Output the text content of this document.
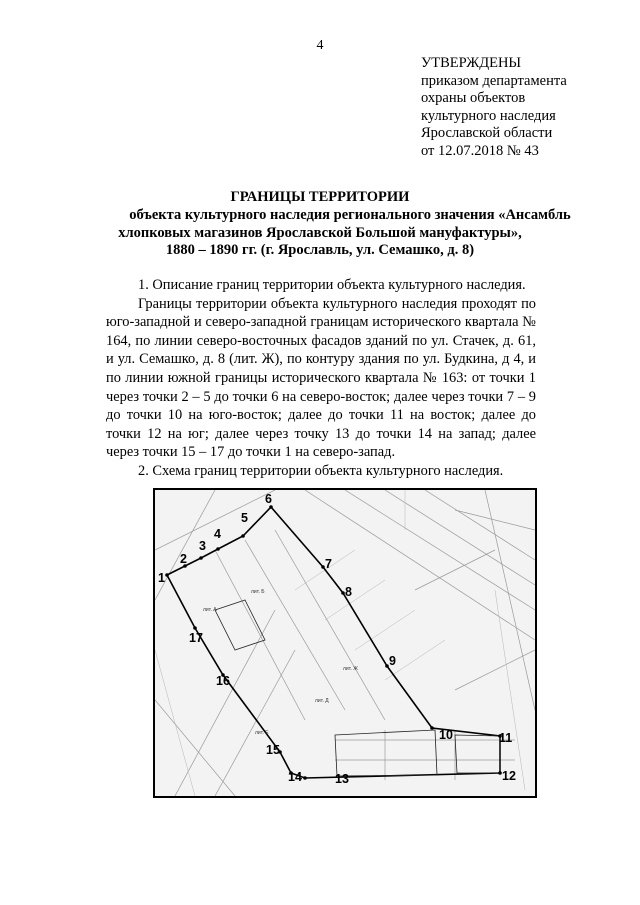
4
УТВЕРЖДЕНЫ
приказом департамента
охраны объектов
культурного наследия
Ярославской области
от 12.07.2018 № 43
ГРАНИЦЫ ТЕРРИТОРИИ
объекта культурного наследия регионального значения «Ансамбль
хлопковых магазинов Ярославской Большой мануфактуры»,
1880 – 1890 гг. (г. Ярославль, ул. Семашко, д. 8)

1. Описание границ территории объекта культурного наследия.

Границы территории объекта культурного наследия проходят по юго-западной и северо-западной границам исторического квартала № 164, по линии северо-восточных фасадов зданий по ул. Стачек, д. 61, и ул. Семашко, д. 8 (лит. Ж), по контуру здания по ул. Будкина, д 4, и по линии южной границы исторического квартала № 163: от точки 1 через точки 2 – 5 до точки 6 на северо-восток; далее через точки 7 – 9 до точки 10 на юго-восток; далее до точки 11 на восток; далее до точки 12 на юг; далее через точку 13 до точки 14 на запад; далее через точки 15 – 17 до точки 1 на северо-запад.

2. Схема границ территории объекта культурного наследия.

лит. А
лит. Б
лит. Ж
лит. Д
лит. Е
1
2
3
4
5
6
7
8
9
10	11
12
13
14
15
16
17
